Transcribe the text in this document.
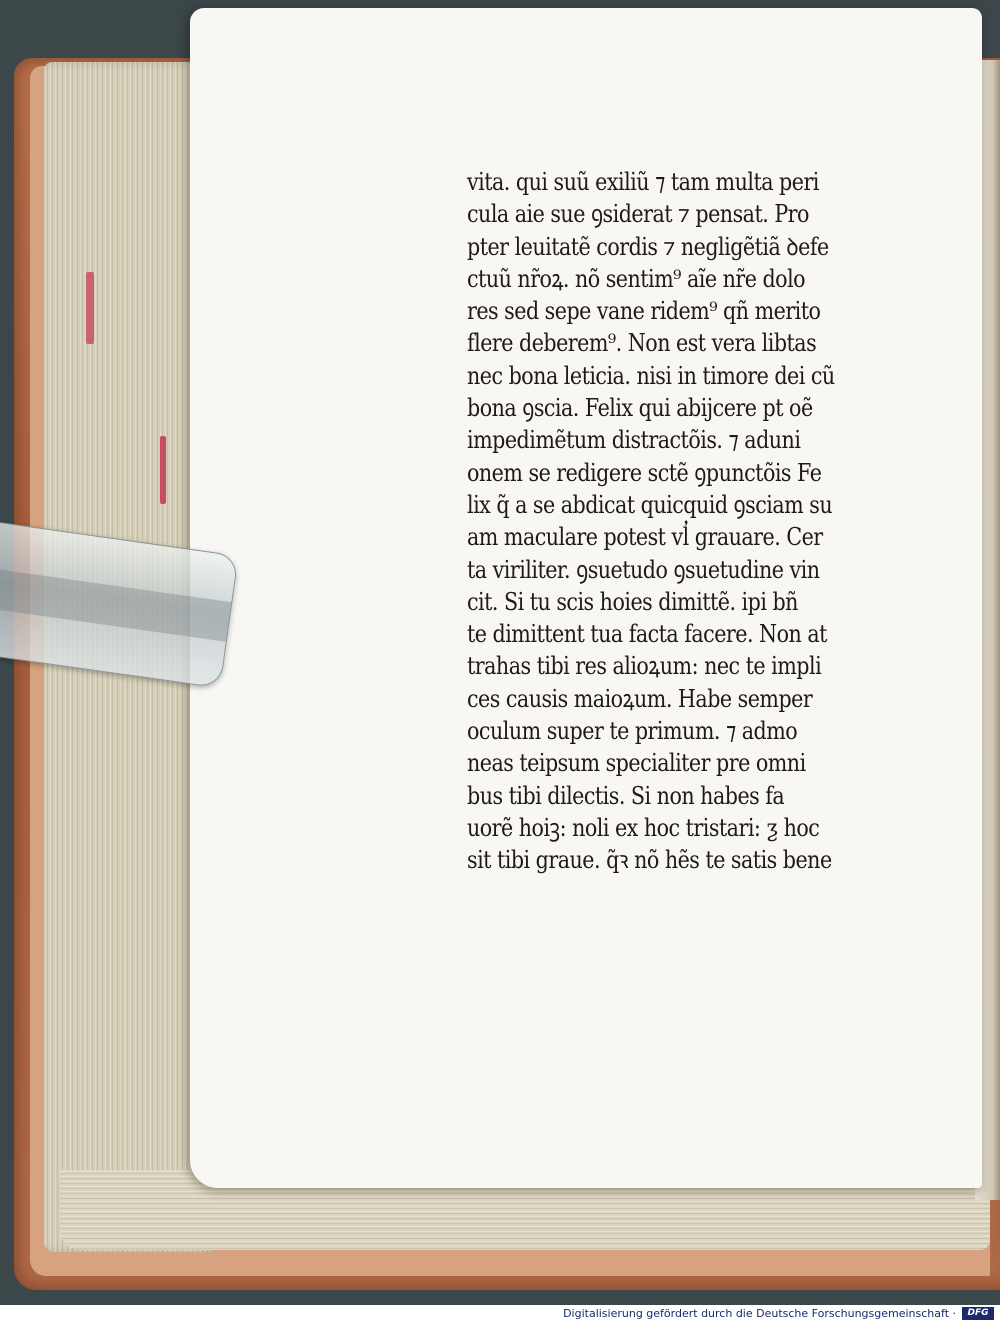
vita. qui suũ exiliũ ⁊ tam multa peri
cula aie sue ꝯsiderat ⁊ pensat. Pro
pter leuitatẽ cordis ⁊ negligẽtiã ꝺefe
ctuũ nr̃oꝝ. nõ sentim⁹ aĩe nr̃e dolo
res sed sepe vane ridem⁹ qñ merito
flere deberem⁹. Non est vera libtas
nec bona leticia. nisi in timore dei cũ
bona ꝯscia. Felix qui abijcere pt oẽ
impedimẽtum distractõis. ⁊ aduni
onem se redigere sctẽ ꝯpunctõis Fe
lix q̃ a se abdicat quicquid ꝯsciam su
am maculare potest vl̓ grauare. Cer
ta viriliter. ꝯsuetudo ꝯsuetudine vin
cit. Si tu scis hoies dimittẽ. ipi bñ
te dimittent tua facta facere. Non at
trahas tibi res alioꝝum: nec te impli
ces causis maioꝝum. Habe semper
oculum super te primum. ⁊ admo
neas teipsum specialiter pre omni
bus tibi dilectis. Si non habes fa
uorẽ hoiꝫ: noli ex hoc tristari: ƺ hoc
sit tibi graue. q̃ꝛ nõ hẽs te satis bene
Digitalisierung gefördert durch die Deutsche Forschungsgemeinschaft ·	DFG
